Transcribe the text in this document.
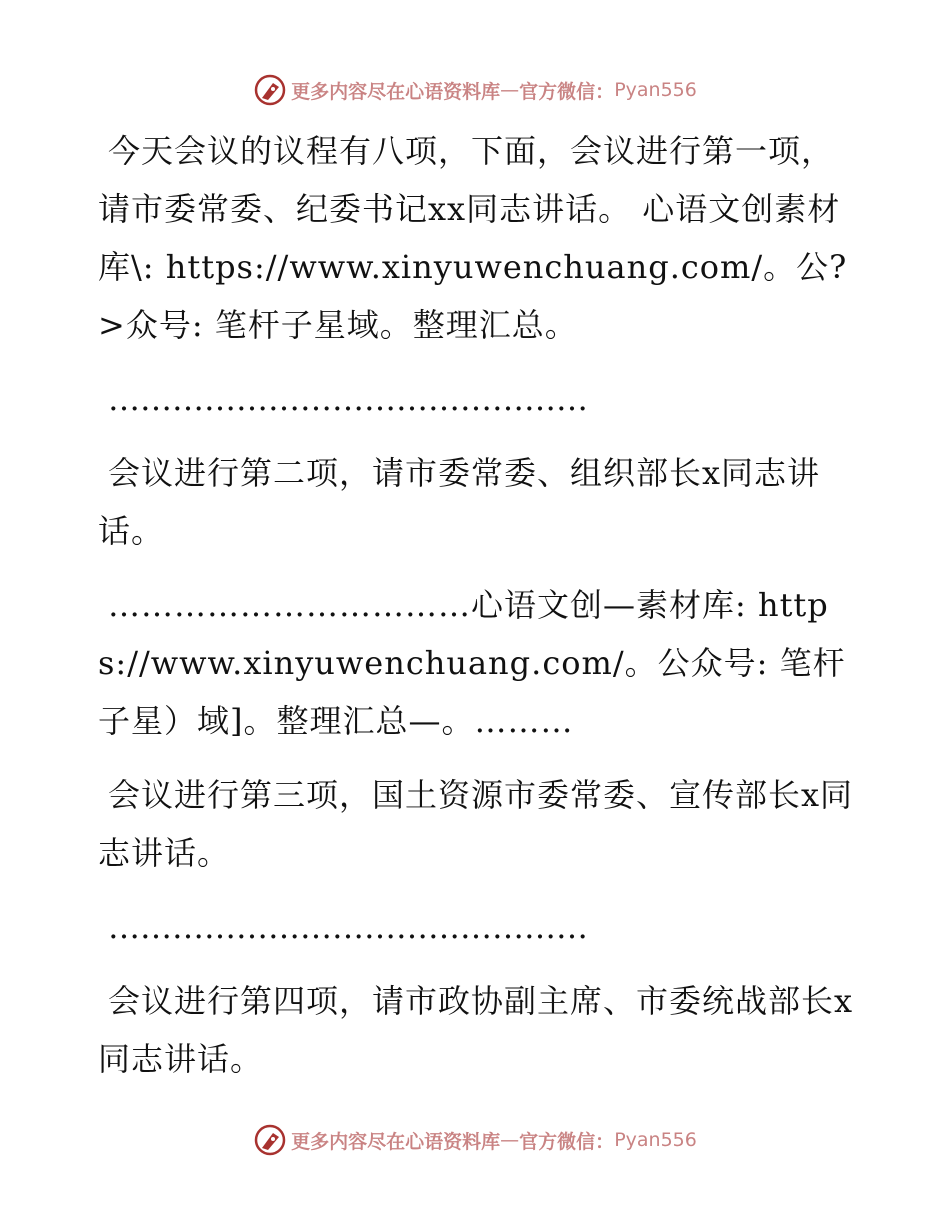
更多内容尽在心语资料库 — 官方微信： Pyan556

今天会议的议程有八项，下面，会议进行第一项，请市委常委、纪委书记xx同志讲话。 心语文创素材库\: https://www.xinyuwenchuang.com/。公?>众号: 笔杆子星域。整理汇总。

………………………………………

会议进行第二项，请市委常委、组织部长x同志讲话。

……………………………心语文创—素材库: https://www.xinyuwenchuang.com/。公众号: 笔杆子星）域]。整理汇总—。………

会议进行第三项，国土资源市委常委、宣传部长x同志讲话。

………………………………………

会议进行第四项，请市政协副主席、市委统战部长x同志讲话。

更多内容尽在心语资料库 — 官方微信： Pyan556
